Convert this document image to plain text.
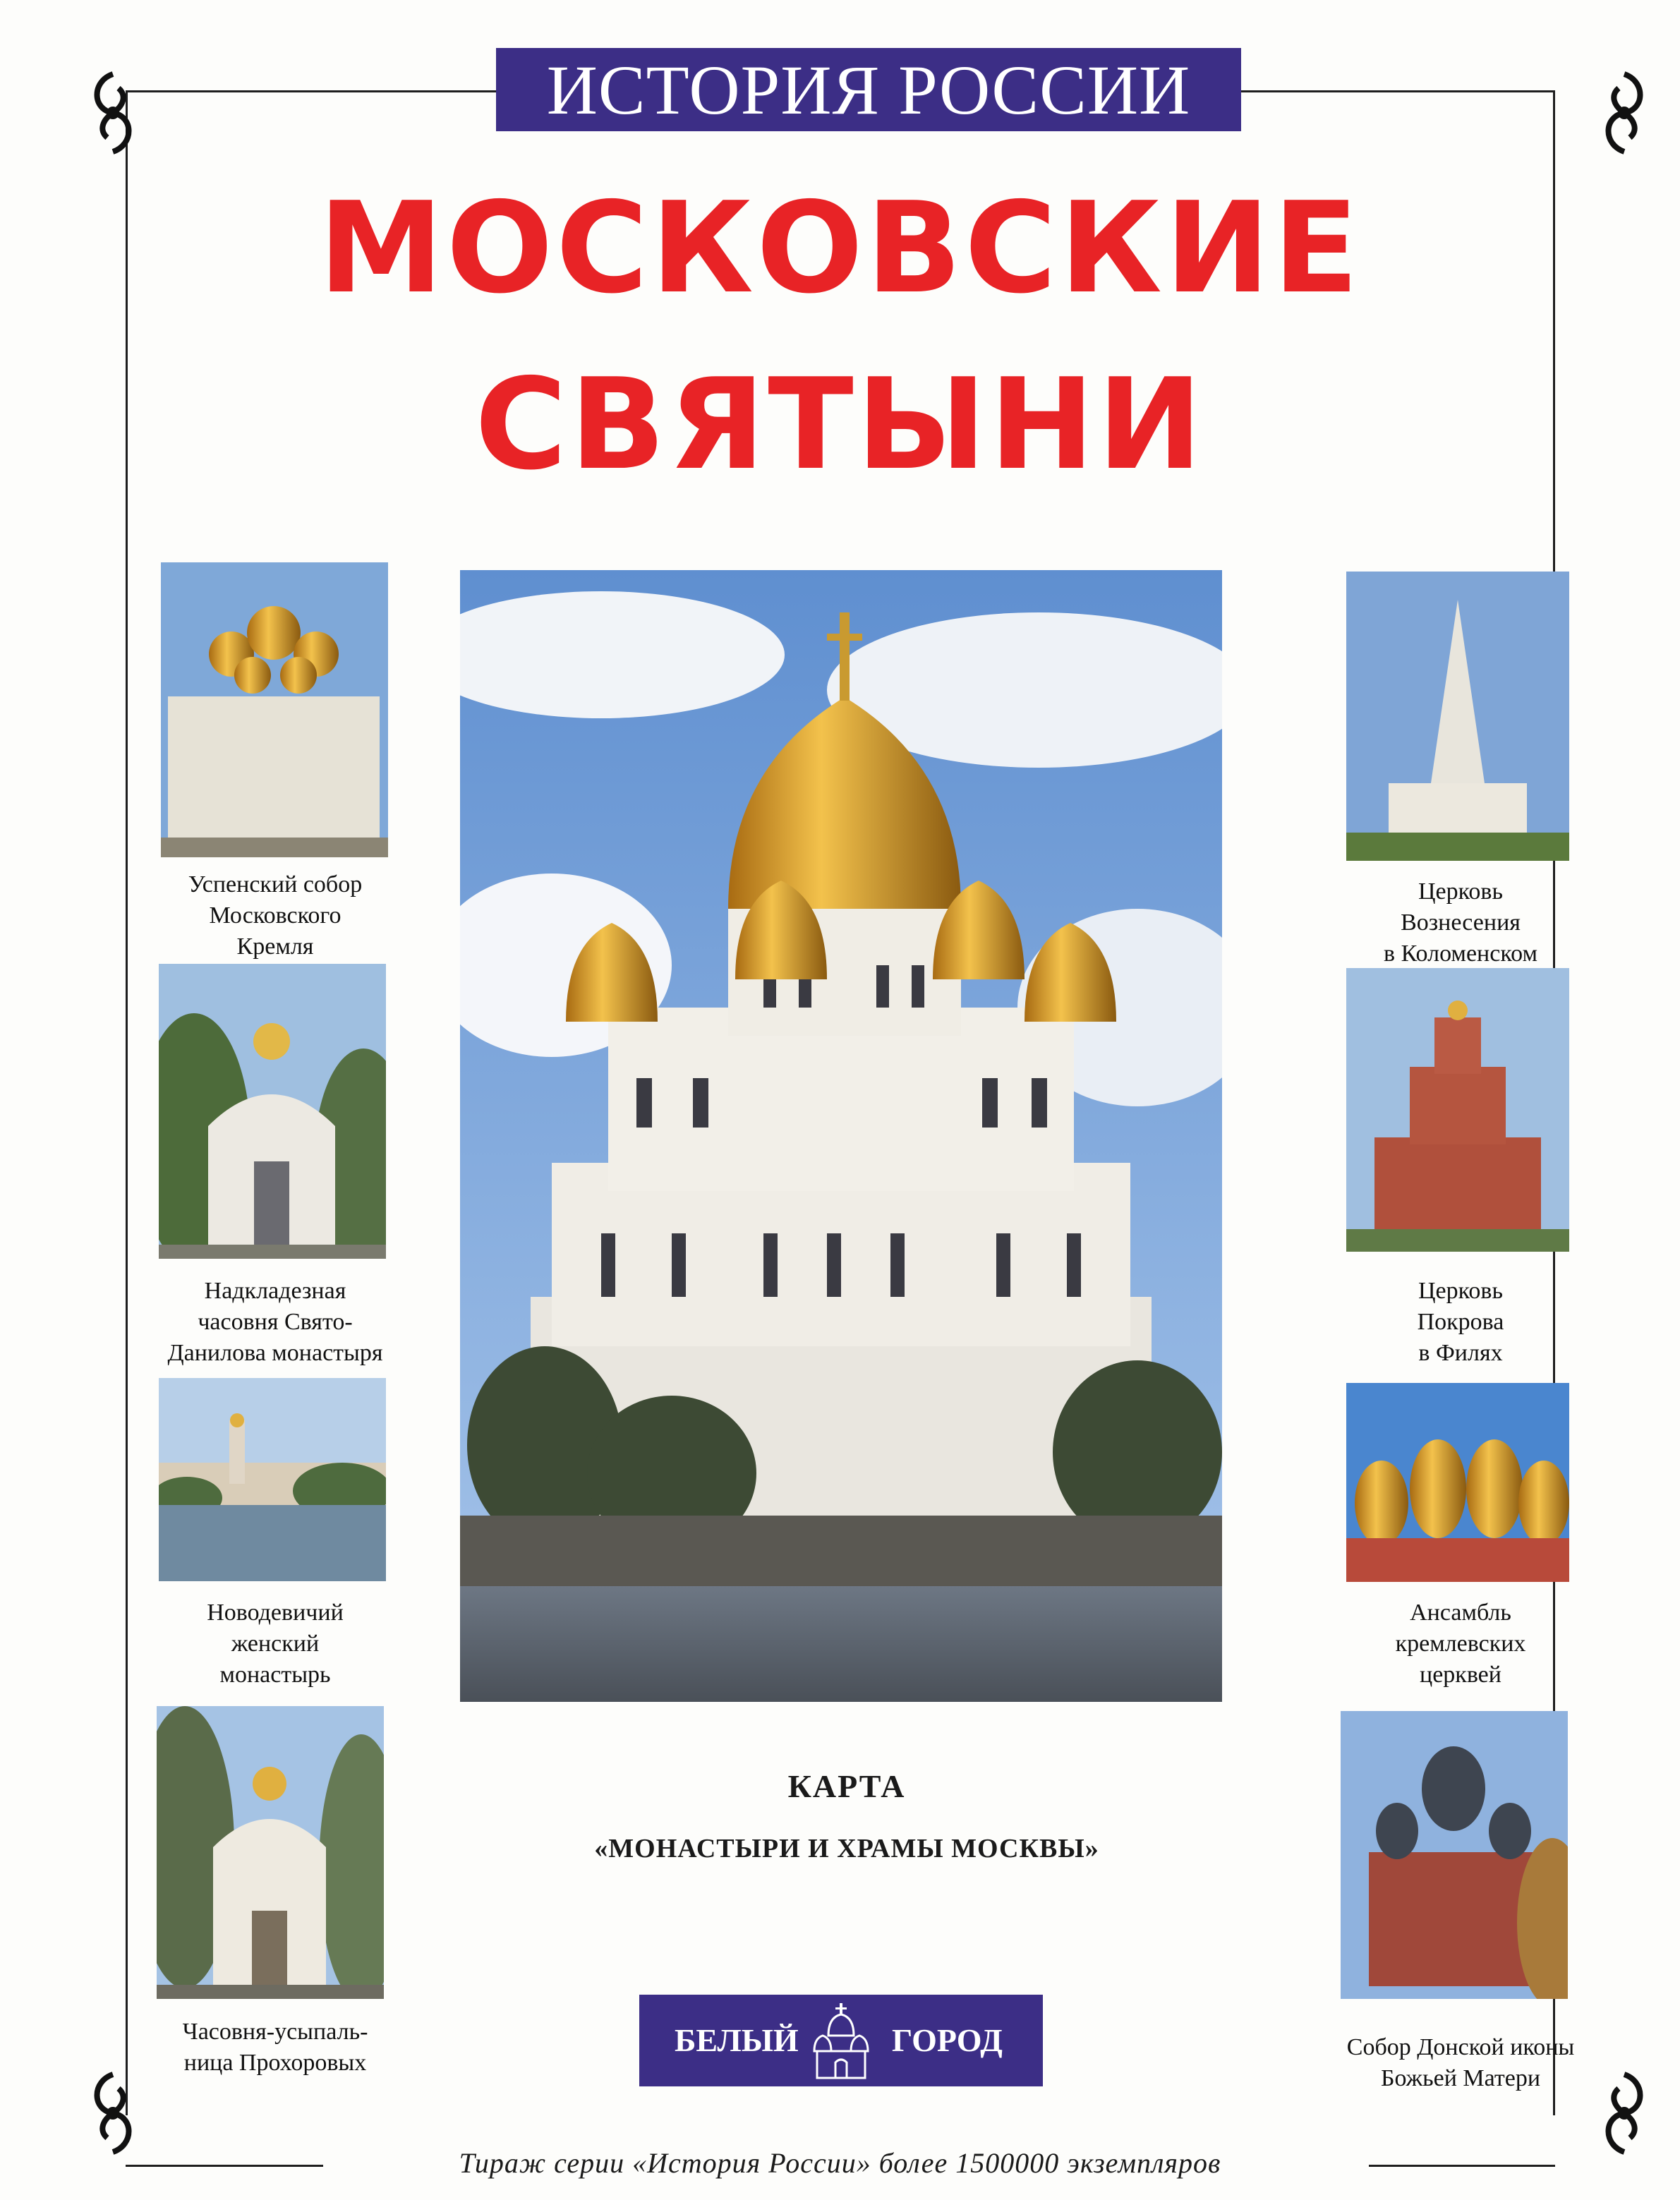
ИСТОРИЯ РОССИИ
МОСКОВСКИЕ
СВЯТЫНИ
Успенский собор
Московского
Кремля
Надкладезная
часовня Свято-
Данилова монастыря
Новодевичий
женский
монастырь
Часовня-усыпаль-
ница Прохоровых
Церковь
Вознесения
в Коломенском
Церковь
Покрова
в Филях
Ансамбль
кремлевских
церквей
Собор Донской иконы
Божьей Матери
КАРТА
«МОНАСТЫРИ И ХРАМЫ МОСКВЫ»
БЕЛЫЙ	ГОРОД
Тираж серии «История России» более 1500000 экземпляров
